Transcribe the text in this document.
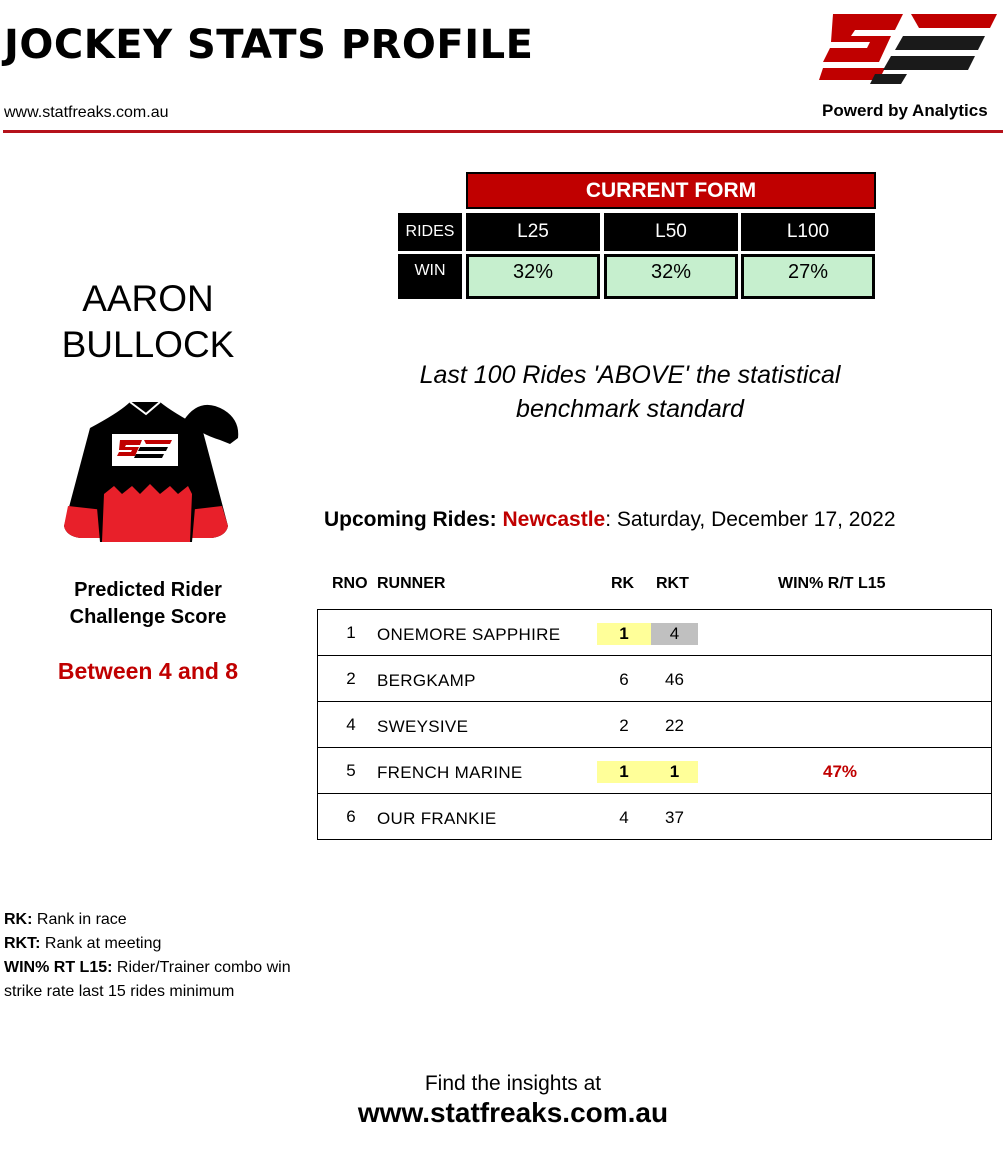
JOCKEY STATS PROFILE
www.statfreaks.com.au	Powerd by Analytics
CURRENT FORM
RIDES	L25	L50	L100
WIN	32%	32%	27%
AARON
BULLOCK
Predicted Rider
Challenge Score
Between 4 and 8
Last 100 Rides 'ABOVE' the statistical
benchmark standard
Upcoming Rides: Newcastle: Saturday, December 17, 2022
RNO RUNNER	RK RKT	WIN% R/T L15
1 ONEMORE SAPPHIRE	1	4
2 BERGKAMP	6	46
4 SWEYSIVE	2	22
5 FRENCH MARINE	1	1	47%
6 OUR FRANKIE	4	37
RK: Rank in race
RKT: Rank at meeting
WIN% RT L15: Rider/Trainer combo win strike rate last 15 rides minimum
Find the insights at
www.statfreaks.com.au
